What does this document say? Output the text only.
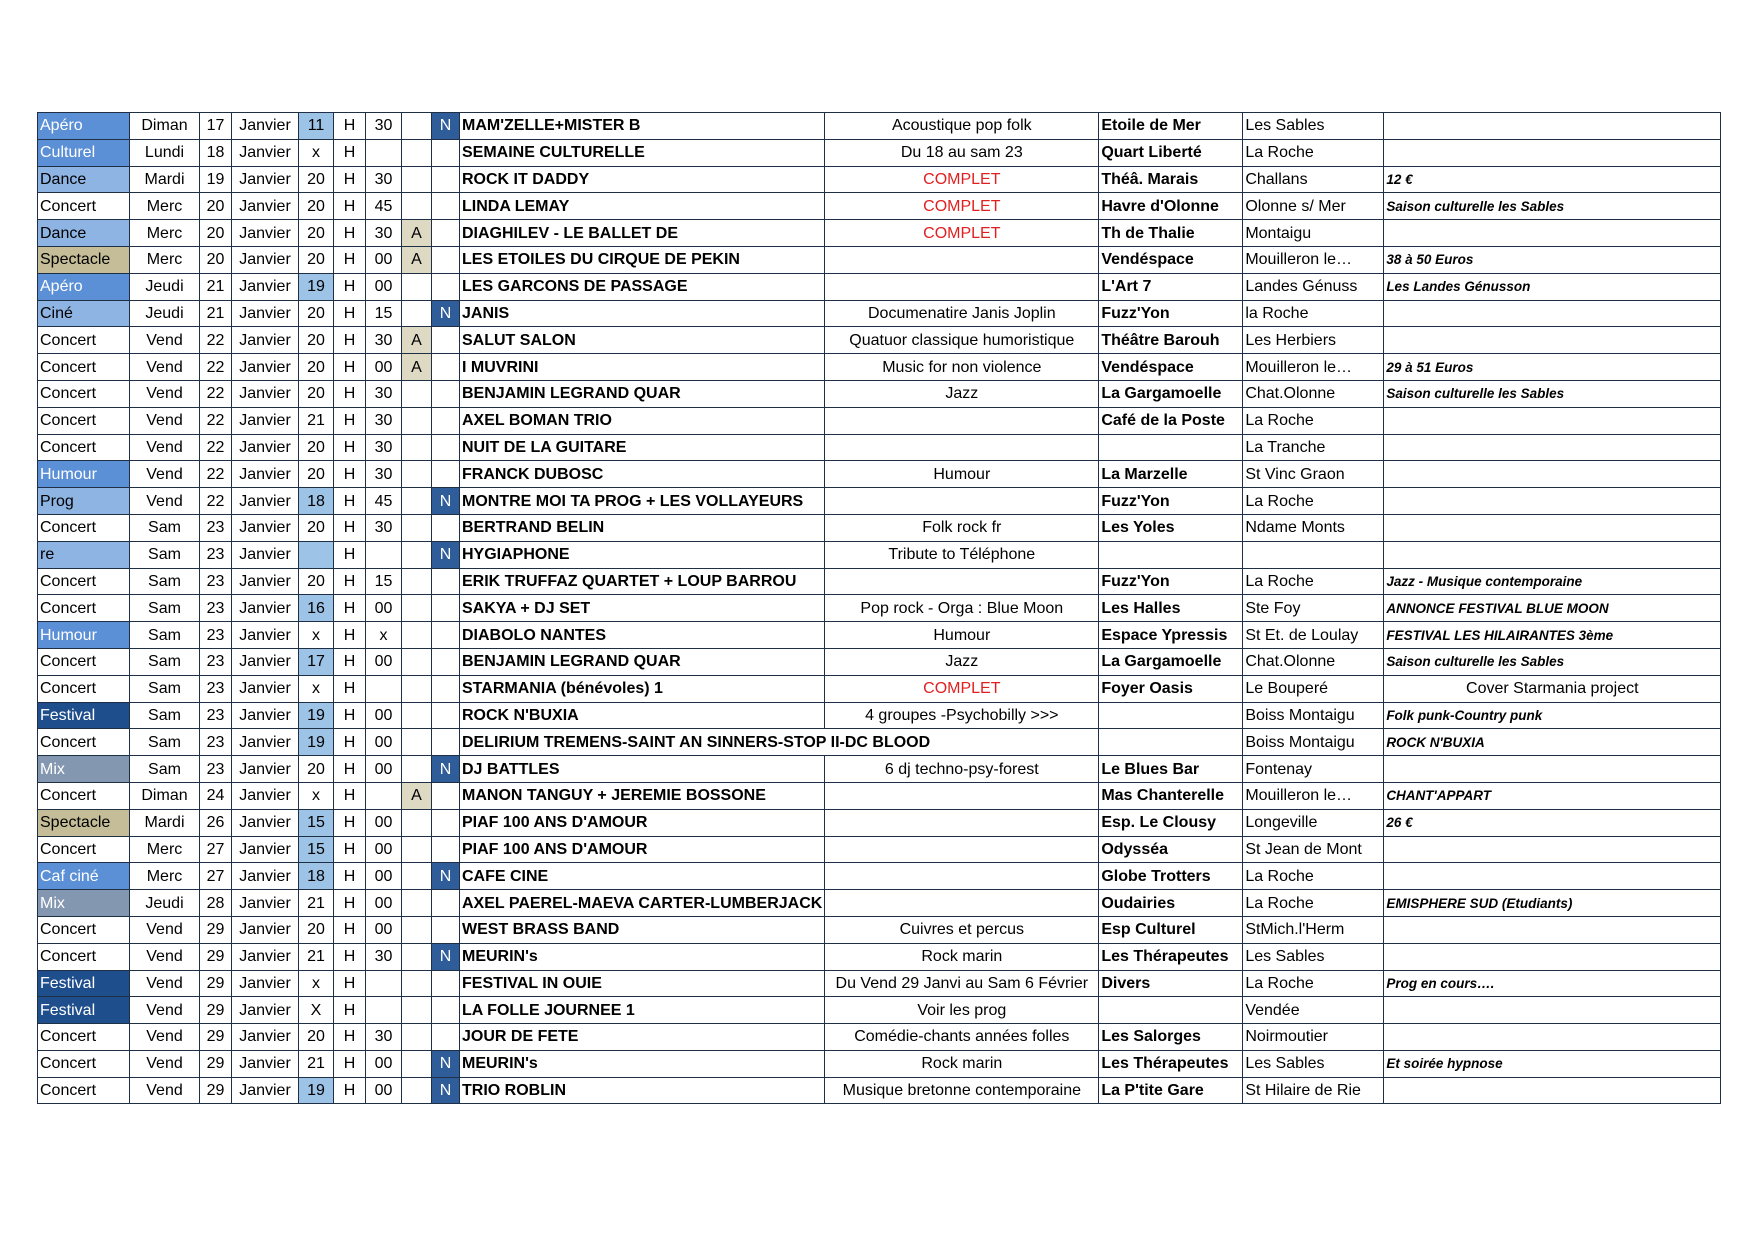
Apéro	Diman	17	Janvier	11	H	30		N	MAM'ZELLE+MISTER B	Acoustique pop folk	Etoile de Mer	Les Sables	
Culturel	Lundi	18	Janvier	x	H				SEMAINE CULTURELLE	Du 18 au sam 23	Quart Liberté	La Roche	
Dance	Mardi	19	Janvier	20	H	30			ROCK IT DADDY	COMPLET	Théâ. Marais	Challans	12 €
Concert	Merc	20	Janvier	20	H	45			LINDA LEMAY	COMPLET	Havre d'Olonne	Olonne s/ Mer	Saison culturelle les Sables
Dance	Merc	20	Janvier	20	H	30	A		DIAGHILEV - LE BALLET DE	COMPLET	Th de Thalie	Montaigu	
Spectacle	Merc	20	Janvier	20	H	00	A		LES ETOILES DU CIRQUE DE PEKIN		Vendéspace	Mouilleron le…	38 à 50 Euros
Apéro	Jeudi	21	Janvier	19	H	00			LES GARCONS DE PASSAGE		L'Art 7	Landes Génuss	Les Landes Génusson
Ciné	Jeudi	21	Janvier	20	H	15		N	JANIS	Documenatire Janis Joplin	Fuzz'Yon	la Roche	
Concert	Vend	22	Janvier	20	H	30	A		SALUT SALON	Quatuor classique humoristique	Théâtre Barouh	Les Herbiers	
Concert	Vend	22	Janvier	20	H	00	A		I MUVRINI	Music for non violence	Vendéspace	Mouilleron le…	29 à 51 Euros
Concert	Vend	22	Janvier	20	H	30			BENJAMIN LEGRAND QUAR	Jazz	La Gargamoelle	Chat.Olonne	Saison culturelle les Sables
Concert	Vend	22	Janvier	21	H	30			AXEL BOMAN TRIO		Café de la Poste	La Roche	
Concert	Vend	22	Janvier	20	H	30			NUIT DE LA GUITARE			La Tranche	
Humour	Vend	22	Janvier	20	H	30			FRANCK DUBOSC	Humour	La Marzelle	St Vinc Graon	
Prog	Vend	22	Janvier	18	H	45		N	MONTRE MOI TA PROG + LES VOLLAYEURS		Fuzz'Yon	La Roche	
Concert	Sam	23	Janvier	20	H	30			BERTRAND BELIN	Folk rock fr	Les Yoles	Ndame Monts	
re	Sam	23	Janvier		H			N	HYGIAPHONE	Tribute to Téléphone			
Concert	Sam	23	Janvier	20	H	15			ERIK TRUFFAZ QUARTET + LOUP BARROU		Fuzz'Yon	La Roche	Jazz - Musique contemporaine
Concert	Sam	23	Janvier	16	H	00			SAKYA + DJ SET	Pop rock - Orga : Blue Moon	Les Halles	Ste Foy	ANNONCE FESTIVAL BLUE MOON
Humour	Sam	23	Janvier	x	H	x			DIABOLO NANTES	Humour	Espace Ypressis	St Et. de Loulay	FESTIVAL LES HILAIRANTES 3ème
Concert	Sam	23	Janvier	17	H	00			BENJAMIN LEGRAND QUAR	Jazz	La Gargamoelle	Chat.Olonne	Saison culturelle les Sables
Concert	Sam	23	Janvier	x	H				STARMANIA (bénévoles) 1	COMPLET	Foyer Oasis	Le Bouperé	Cover Starmania project
Festival	Sam	23	Janvier	19	H	00			ROCK N'BUXIA	4 groupes -Psychobilly >>>		Boiss Montaigu	Folk punk-Country punk
Concert	Sam	23	Janvier	19	H	00			DELIRIUM TREMENS-SAINT AN SINNERS-STOP II-DC BLOOD			Boiss Montaigu	ROCK N'BUXIA
Mix	Sam	23	Janvier	20	H	00		N	DJ BATTLES	6 dj techno-psy-forest	Le Blues Bar	Fontenay	
Concert	Diman	24	Janvier	x	H		A		MANON TANGUY + JEREMIE BOSSONE		Mas Chanterelle	Mouilleron le…	CHANT'APPART
Spectacle	Mardi	26	Janvier	15	H	00			PIAF 100 ANS D'AMOUR		Esp. Le Clousy	Longeville	26 €
Concert	Merc	27	Janvier	15	H	00			PIAF 100 ANS D'AMOUR		Odysséa	St Jean de Mont	
Caf ciné	Merc	27	Janvier	18	H	00		N	CAFE CINE		Globe Trotters	La Roche	
Mix	Jeudi	28	Janvier	21	H	00			AXEL PAEREL-MAEVA CARTER-LUMBERJACK		Oudairies	La Roche	EMISPHERE SUD (Etudiants)
Concert	Vend	29	Janvier	20	H	00			WEST BRASS BAND	Cuivres et percus	Esp Culturel	StMich.l'Herm	
Concert	Vend	29	Janvier	21	H	30		N	MEURIN's	Rock marin	Les Thérapeutes	Les Sables	
Festival	Vend	29	Janvier	x	H				FESTIVAL IN OUIE	Du Vend 29 Janvi au Sam 6 Février	Divers	La Roche	Prog en cours….
Festival	Vend	29	Janvier	X	H				LA FOLLE JOURNEE 1	Voir les prog		Vendée	
Concert	Vend	29	Janvier	20	H	30			JOUR DE FETE	Comédie-chants années folles	Les Salorges	Noirmoutier	
Concert	Vend	29	Janvier	21	H	00		N	MEURIN's	Rock marin	Les Thérapeutes	Les Sables	Et soirée hypnose
Concert	Vend	29	Janvier	19	H	00		N	TRIO ROBLIN	Musique bretonne contemporaine	La P'tite Gare	St Hilaire de Rie	
